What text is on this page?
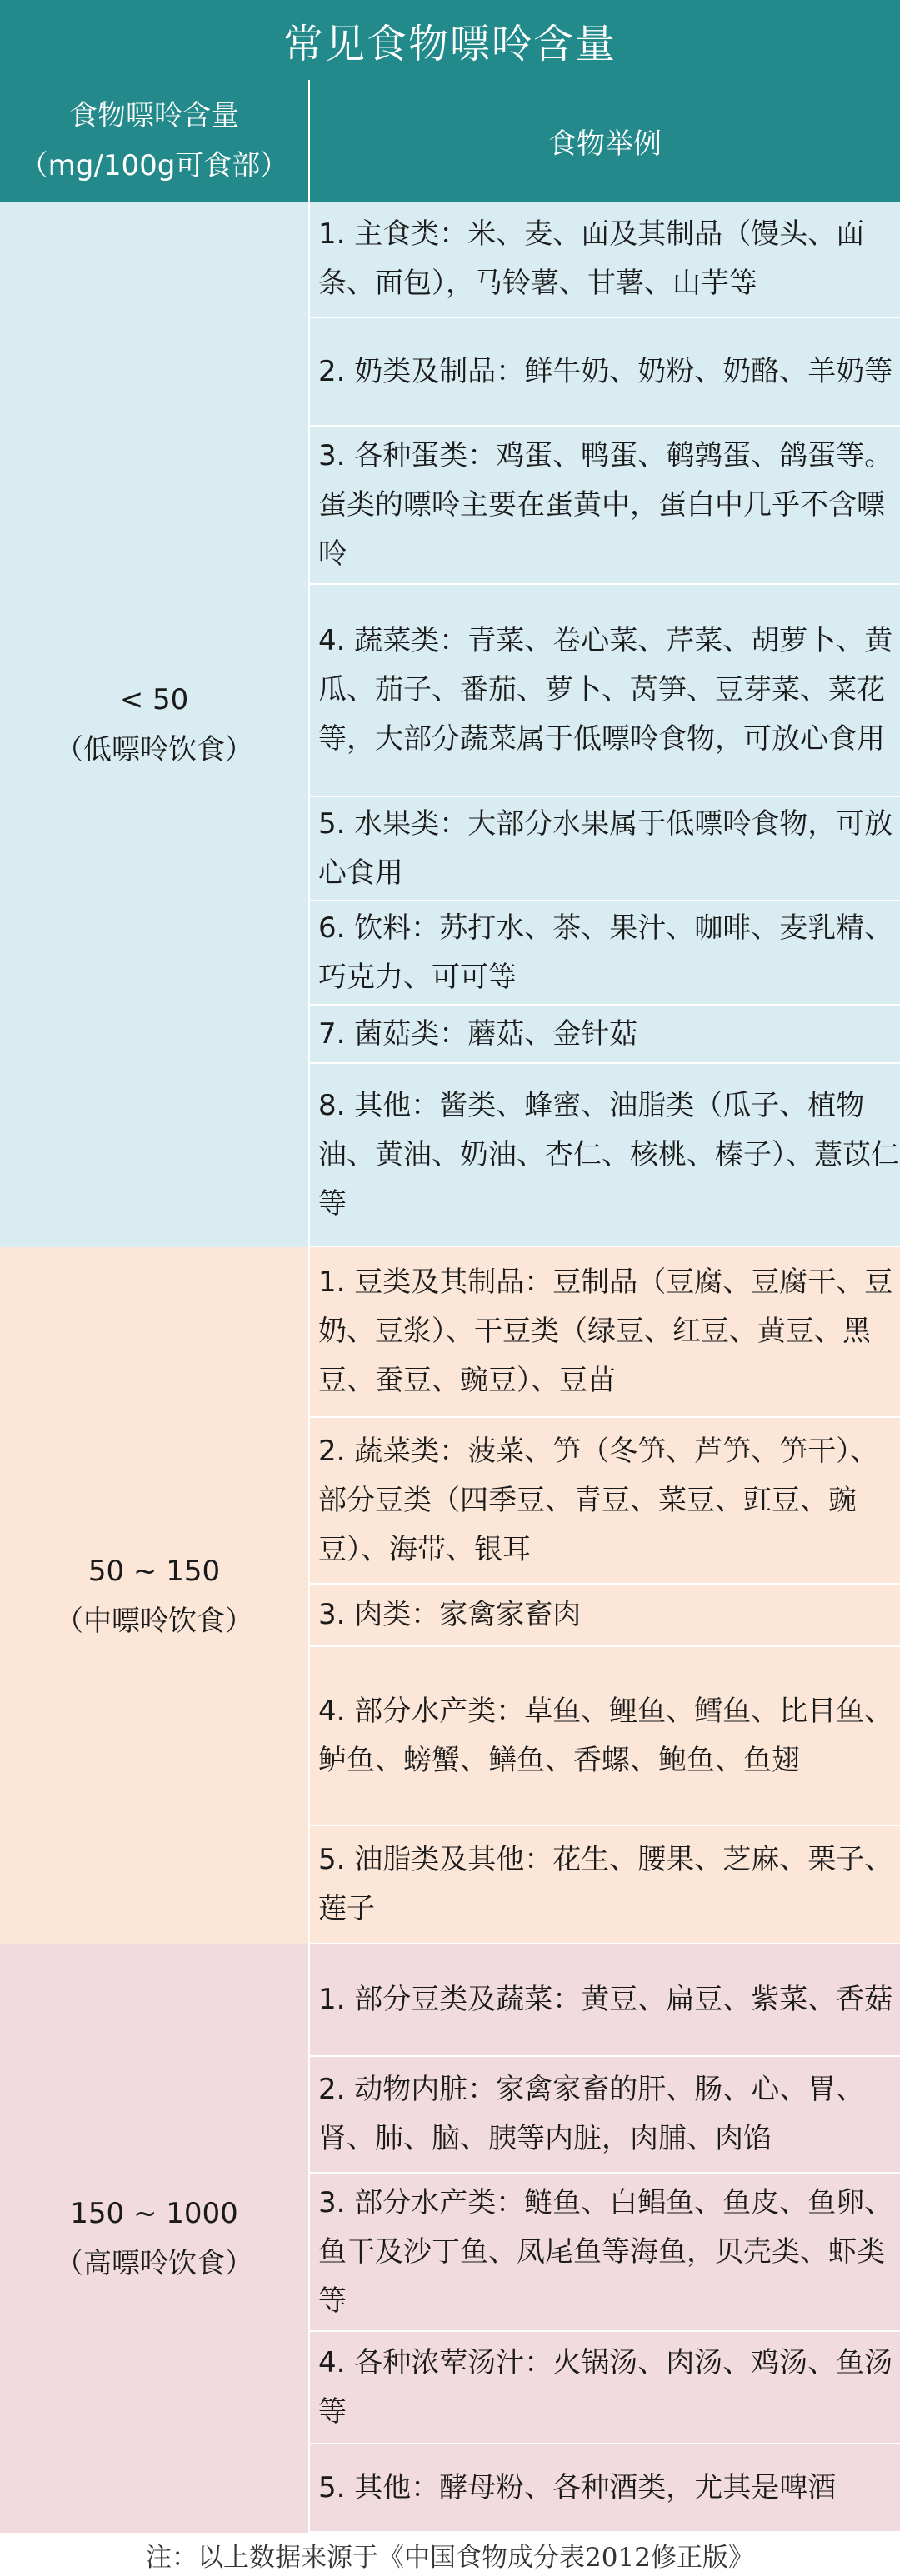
常见食物嘌呤含量
食物嘌呤含量
（mg/100g可食部）
食物举例
< 50
（低嘌呤饮食）
1. 主食类：米、麦、面及其制品（馒头、面条、面包），马铃薯、甘薯、山芋等
2. 奶类及制品：鲜牛奶、奶粉、奶酪、羊奶等
3. 各种蛋类：鸡蛋、鸭蛋、鹌鹑蛋、鸽蛋等。蛋类的嘌呤主要在蛋黄中，蛋白中几乎不含嘌呤
4. 蔬菜类：青菜、卷心菜、芹菜、胡萝卜、黄瓜、茄子、番茄、萝卜、莴笋、豆芽菜、菜花等，大部分蔬菜属于低嘌呤食物，可放心食用
5. 水果类：大部分水果属于低嘌呤食物，可放心食用
6. 饮料：苏打水、茶、果汁、咖啡、麦乳精、巧克力、可可等
7. 菌菇类：蘑菇、金针菇
8. 其他：酱类、蜂蜜、油脂类（瓜子、植物油、黄油、奶油、杏仁、核桃、榛子）、薏苡仁等
50 ~ 150
（中嘌呤饮食）
1. 豆类及其制品：豆制品（豆腐、豆腐干、豆奶、豆浆）、干豆类（绿豆、红豆、黄豆、黑豆、蚕豆、豌豆）、豆苗
2. 蔬菜类：菠菜、笋（冬笋、芦笋、笋干）、部分豆类（四季豆、青豆、菜豆、豇豆、豌豆）、海带、银耳
3. 肉类：家禽家畜肉
4. 部分水产类：草鱼、鲤鱼、鳕鱼、比目鱼、鲈鱼、螃蟹、鳝鱼、香螺、鲍鱼、鱼翅
5. 油脂类及其他：花生、腰果、芝麻、栗子、莲子
150 ~ 1000
（高嘌呤饮食）
1. 部分豆类及蔬菜：黄豆、扁豆、紫菜、香菇
2. 动物内脏：家禽家畜的肝、肠、心、胃、肾、肺、脑、胰等内脏，肉脯、肉馅
3. 部分水产类：鲢鱼、白鲳鱼、鱼皮、鱼卵、鱼干及沙丁鱼、凤尾鱼等海鱼，贝壳类、虾类等
4. 各种浓荤汤汁：火锅汤、肉汤、鸡汤、鱼汤等
5. 其他：酵母粉、各种酒类，尤其是啤酒
注：以上数据来源于《中国食物成分表2012修正版》
